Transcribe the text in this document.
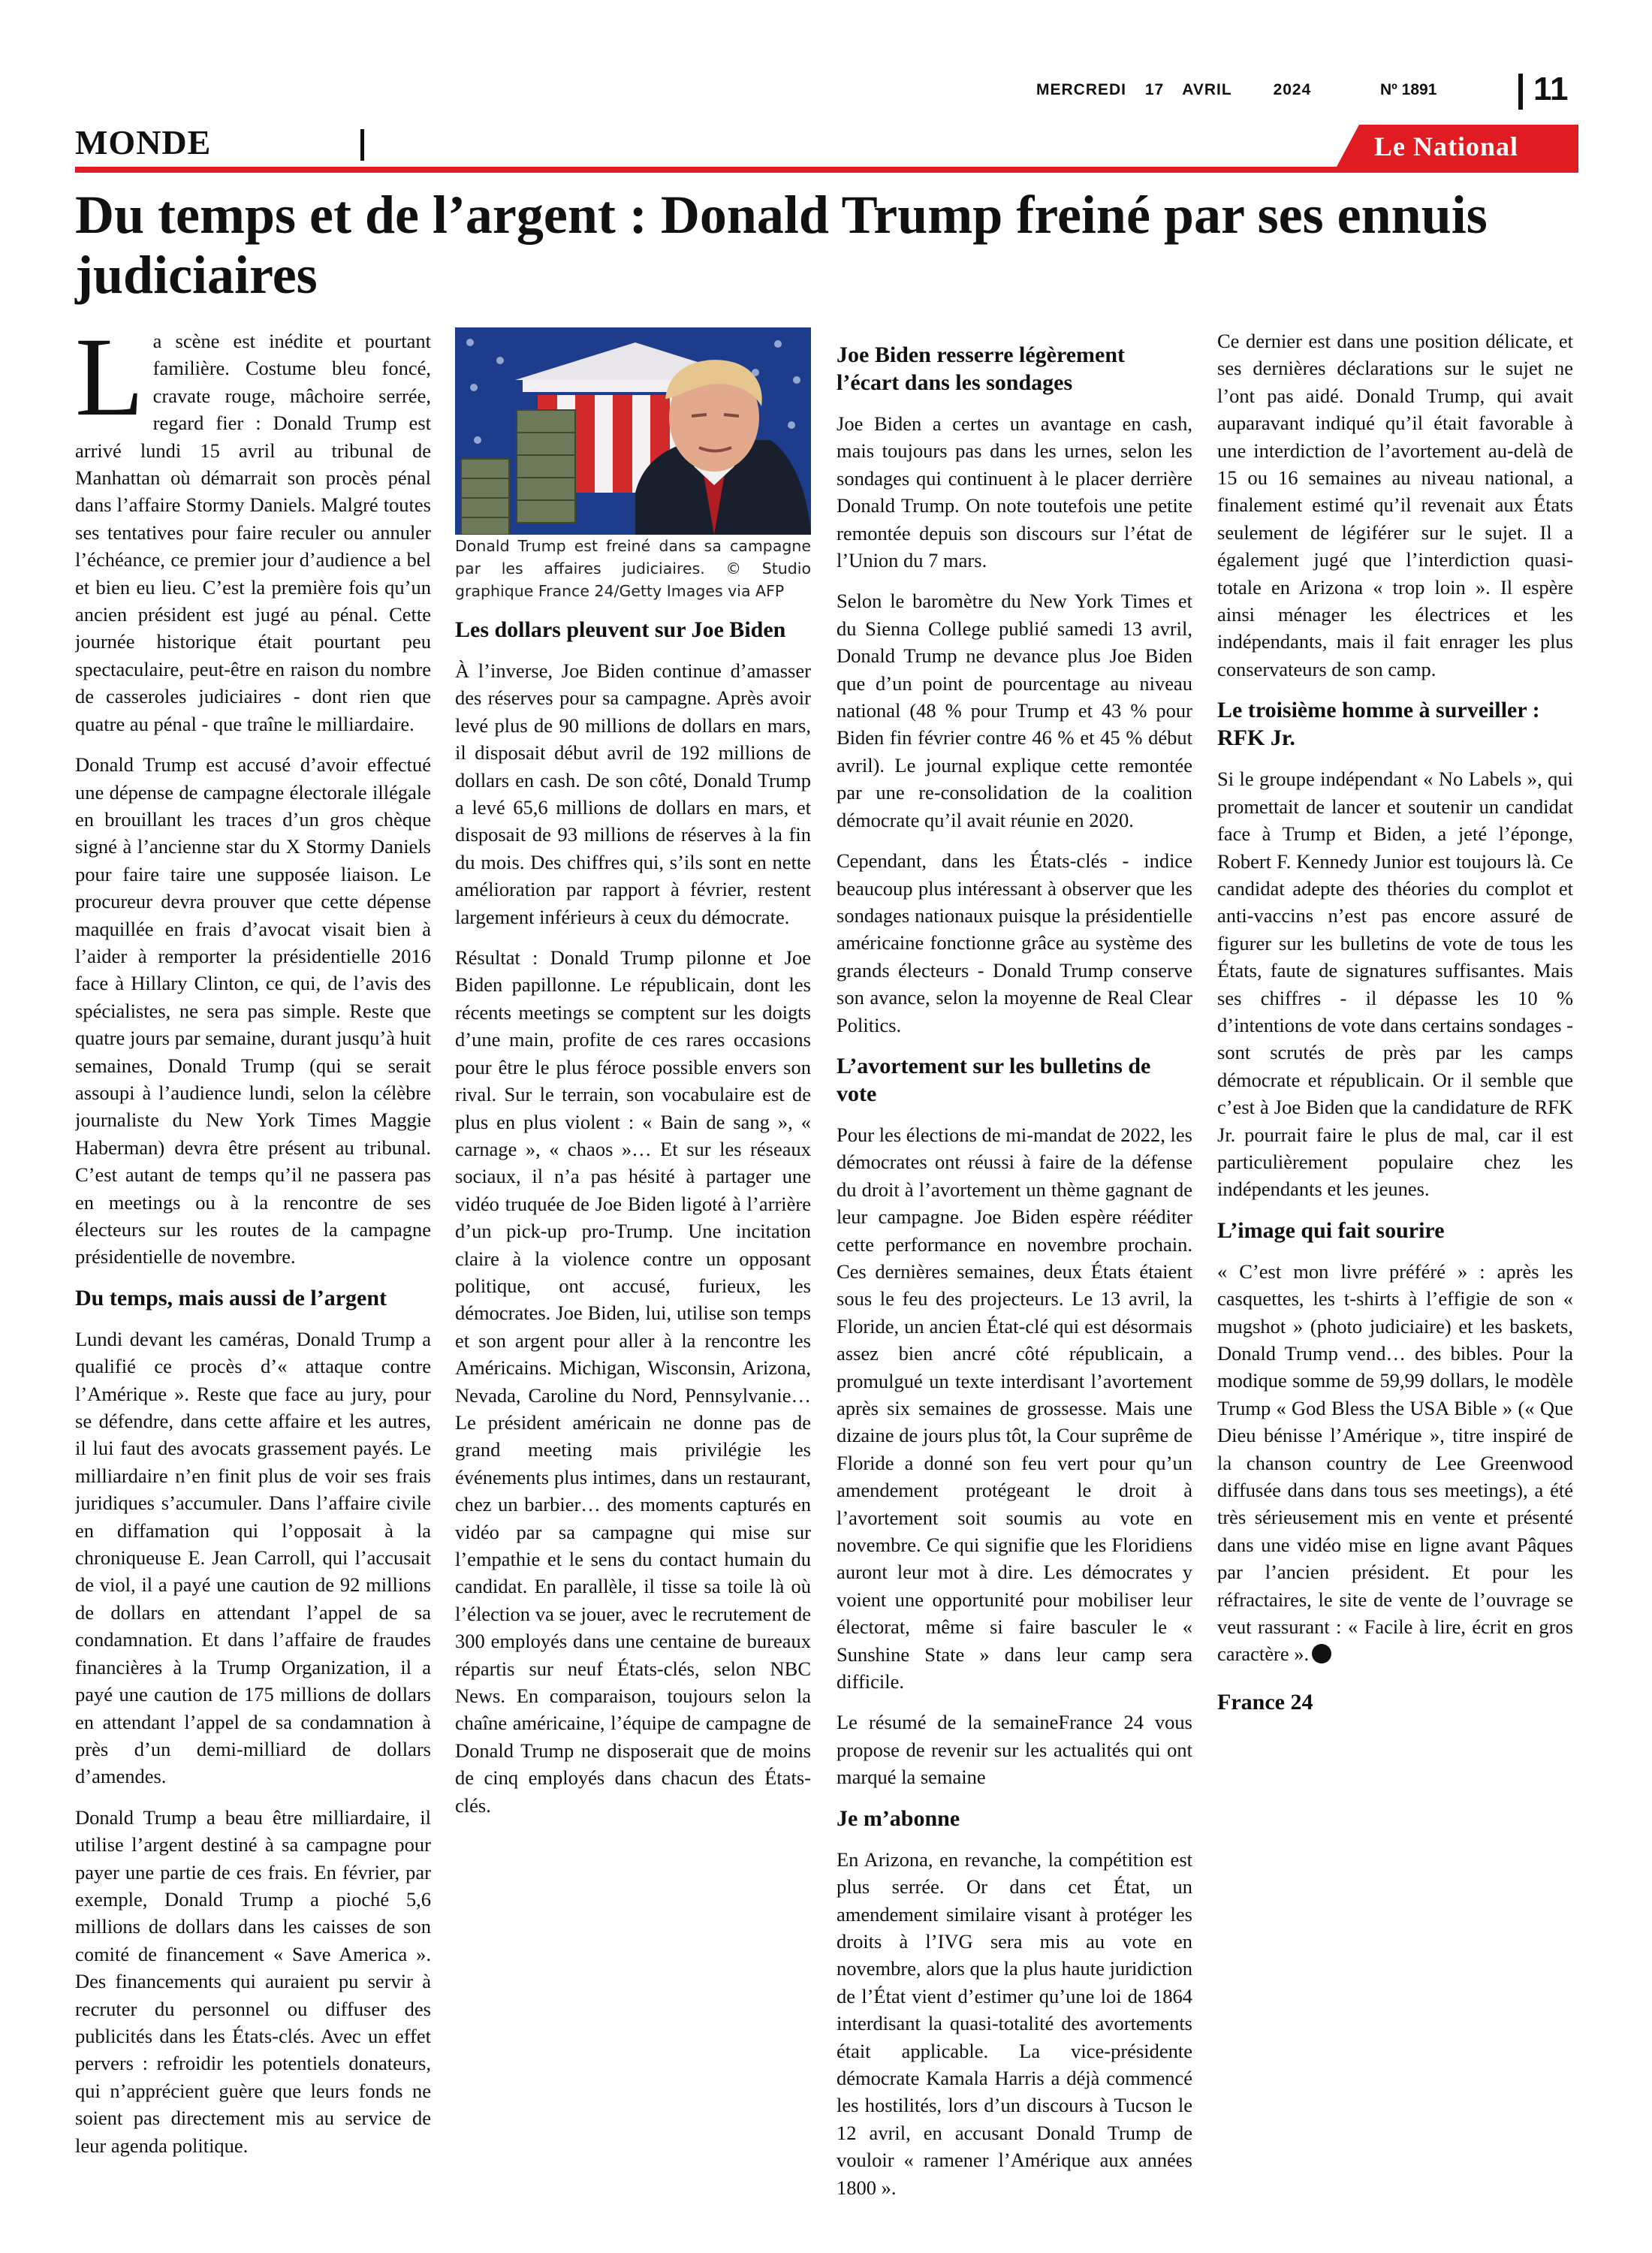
MERCREDI 17 AVRIL	2024	Nº 1891	11
MONDE	Le National
Du temps et de l’argent : Donald Trump freiné par ses ennuis judiciaires

La scène est inédite et pourtant familière. Costume bleu foncé, cravate rouge, mâchoire serrée, regard fier : Donald Trump est arrivé lundi 15 avril au tribunal de Manhattan où démarrait son procès pénal dans l’affaire Stormy Daniels. Malgré toutes ses tentatives pour faire reculer ou annuler l’échéance, ce premier jour d’audience a bel et bien eu lieu. C’est la première fois qu’un ancien président est jugé au pénal. Cette journée historique était pourtant peu spectaculaire, peut-être en raison du nombre de casseroles judiciaires - dont rien que quatre au pénal - que traîne le milliardaire.

Donald Trump est accusé d’avoir effectué une dépense de campagne électorale illégale en brouillant les traces d’un gros chèque signé à l’ancienne star du X Stormy Daniels pour faire taire une supposée liaison. Le procureur devra prouver que cette dépense maquillée en frais d’avocat visait bien à l’aider à remporter la présidentielle 2016 face à Hillary Clinton, ce qui, de l’avis des spécialistes, ne sera pas simple. Reste que quatre jours par semaine, durant jusqu’à huit semaines, Donald Trump (qui se serait assoupi à l’audience lundi, selon la célèbre journaliste du New York Times Maggie Haberman) devra être présent au tribunal. C’est autant de temps qu’il ne passera pas en meetings ou à la rencontre de ses électeurs sur les routes de la campagne présidentielle de novembre.

Du temps, mais aussi de l’argent

Lundi devant les caméras, Donald Trump a qualifié ce procès d’« attaque contre l’Amérique ». Reste que face au jury, pour se défendre, dans cette affaire et les autres, il lui faut des avocats grassement payés. Le milliardaire n’en finit plus de voir ses frais juridiques s’accumuler. Dans l’affaire civile en diffamation qui l’opposait à la chroniqueuse E. Jean Carroll, qui l’accusait de viol, il a payé une caution de 92 millions de dollars en attendant l’appel de sa condamnation. Et dans l’affaire de fraudes financières à la Trump Organization, il a payé une caution de 175 millions de dollars en attendant l’appel de sa condamnation à près d’un demi-milliard de dollars d’amendes.

Donald Trump a beau être milliardaire, il utilise l’argent destiné à sa campagne pour payer une partie de ces frais. En février, par exemple, Donald Trump a pioché 5,6 millions de dollars dans les caisses de son comité de financement « Save America ». Des financements qui auraient pu servir à recruter du personnel ou diffuser des publicités dans les États-clés. Avec un effet pervers : refroidir les potentiels donateurs, qui n’apprécient guère que leurs fonds ne soient pas directement mis au service de leur agenda politique.

Donald Trump est freiné dans sa campagne par les affaires judiciaires. © Studio graphique France 24/Getty Images via AFP

Les dollars pleuvent sur Joe Biden

À l’inverse, Joe Biden continue d’amasser des réserves pour sa campagne. Après avoir levé plus de 90 millions de dollars en mars, il disposait début avril de 192 millions de dollars en cash. De son côté, Donald Trump a levé 65,6 millions de dollars en mars, et disposait de 93 millions de réserves à la fin du mois. Des chiffres qui, s’ils sont en nette amélioration par rapport à février, restent largement inférieurs à ceux du démocrate.

Résultat : Donald Trump pilonne et Joe Biden papillonne. Le républicain, dont les récents meetings se comptent sur les doigts d’une main, profite de ces rares occasions pour être le plus féroce possible envers son rival. Sur le terrain, son vocabulaire est de plus en plus violent : « Bain de sang », « carnage », « chaos »… Et sur les réseaux sociaux, il n’a pas hésité à partager une vidéo truquée de Joe Biden ligoté à l’arrière d’un pick-up pro-Trump. Une incitation claire à la violence contre un opposant politique, ont accusé, furieux, les démocrates. Joe Biden, lui, utilise son temps et son argent pour aller à la rencontre les Américains. Michigan, Wisconsin, Arizona, Nevada, Caroline du Nord, Pennsylvanie… Le président américain ne donne pas de grand meeting mais privilégie les événements plus intimes, dans un restaurant, chez un barbier… des moments capturés en vidéo par sa campagne qui mise sur l’empathie et le sens du contact humain du candidat. En parallèle, il tisse sa toile là où l’élection va se jouer, avec le recrutement de 300 employés dans une centaine de bureaux répartis sur neuf États-clés, selon NBC News. En comparaison, toujours selon la chaîne américaine, l’équipe de campagne de Donald Trump ne disposerait que de moins de cinq employés dans chacun des États-clés.

Joe Biden resserre légèrement l’écart dans les sondages

Joe Biden a certes un avantage en cash, mais toujours pas dans les urnes, selon les sondages qui continuent à le placer derrière Donald Trump. On note toutefois une petite remontée depuis son discours sur l’état de l’Union du 7 mars.

Selon le baromètre du New York Times et du Sienna College publié samedi 13 avril, Donald Trump ne devance plus Joe Biden que d’un point de pourcentage au niveau national (48 % pour Trump et 43 % pour Biden fin février contre 46 % et 45 % début avril). Le journal explique cette remontée par une re-consolidation de la coalition démocrate qu’il avait réunie en 2020.

Cependant, dans les États-clés - indice beaucoup plus intéressant à observer que les sondages nationaux puisque la présidentielle américaine fonctionne grâce au système des grands électeurs - Donald Trump conserve son avance, selon la moyenne de Real Clear Politics.

L’avortement sur les bulletins de vote

Pour les élections de mi-mandat de 2022, les démocrates ont réussi à faire de la défense du droit à l’avortement un thème gagnant de leur campagne. Joe Biden espère rééditer cette performance en novembre prochain. Ces dernières semaines, deux États étaient sous le feu des projecteurs. Le 13 avril, la Floride, un ancien État-clé qui est désormais assez bien ancré côté républicain, a promulgué un texte interdisant l’avortement après six semaines de grossesse. Mais une dizaine de jours plus tôt, la Cour suprême de Floride a donné son feu vert pour qu’un amendement protégeant le droit à l’avortement soit soumis au vote en novembre. Ce qui signifie que les Floridiens auront leur mot à dire. Les démocrates y voient une opportunité pour mobiliser leur électorat, même si faire basculer le « Sunshine State » dans leur camp sera difficile.

Le résumé de la semaineFrance 24 vous propose de revenir sur les actualités qui ont marqué la semaine

Je m’abonne

En Arizona, en revanche, la compétition est plus serrée. Or dans cet État, un amendement similaire visant à protéger les droits à l’IVG sera mis au vote en novembre, alors que la plus haute juridiction de l’État vient d’estimer qu’une loi de 1864 interdisant la quasi-totalité des avortements était applicable. La vice-présidente démocrate Kamala Harris a déjà commencé les hostilités, lors d’un discours à Tucson le 12 avril, en accusant Donald Trump de vouloir « ramener l’Amérique aux années 1800 ».

Ce dernier est dans une position délicate, et ses dernières déclarations sur le sujet ne l’ont pas aidé. Donald Trump, qui avait auparavant indiqué qu’il était favorable à une interdiction de l’avortement au-delà de 15 ou 16 semaines au niveau national, a finalement estimé qu’il revenait aux États seulement de légiférer sur le sujet. Il a également jugé que l’interdiction quasi-totale en Arizona « trop loin ». Il espère ainsi ménager les électrices et les indépendants, mais il fait enrager les plus conservateurs de son camp.

Le troisième homme à surveiller : RFK Jr.

Si le groupe indépendant « No Labels », qui promettait de lancer et soutenir un candidat face à Trump et Biden, a jeté l’éponge, Robert F. Kennedy Junior est toujours là. Ce candidat adepte des théories du complot et anti-vaccins n’est pas encore assuré de figurer sur les bulletins de vote de tous les États, faute de signatures suffisantes. Mais ses chiffres - il dépasse les 10 % d’intentions de vote dans certains sondages - sont scrutés de près par les camps démocrate et républicain. Or il semble que c’est à Joe Biden que la candidature de RFK Jr. pourrait faire le plus de mal, car il est particulièrement populaire chez les indépendants et les jeunes.

L’image qui fait sourire

« C’est mon livre préféré » : après les casquettes, les t-shirts à l’effigie de son « mugshot » (photo judiciaire) et les baskets, Donald Trump vend… des bibles. Pour la modique somme de 59,99 dollars, le modèle Trump « God Bless the USA Bible » (« Que Dieu bénisse l’Amérique », titre inspiré de la chanson country de Lee Greenwood diffusée dans dans tous ses meetings), a été très sérieusement mis en vente et présenté dans une vidéo mise en ligne avant Pâques par l’ancien président. Et pour les réfractaires, le site de vente de l’ouvrage se veut rassurant : « Facile à lire, écrit en gros caractère ».

France 24
